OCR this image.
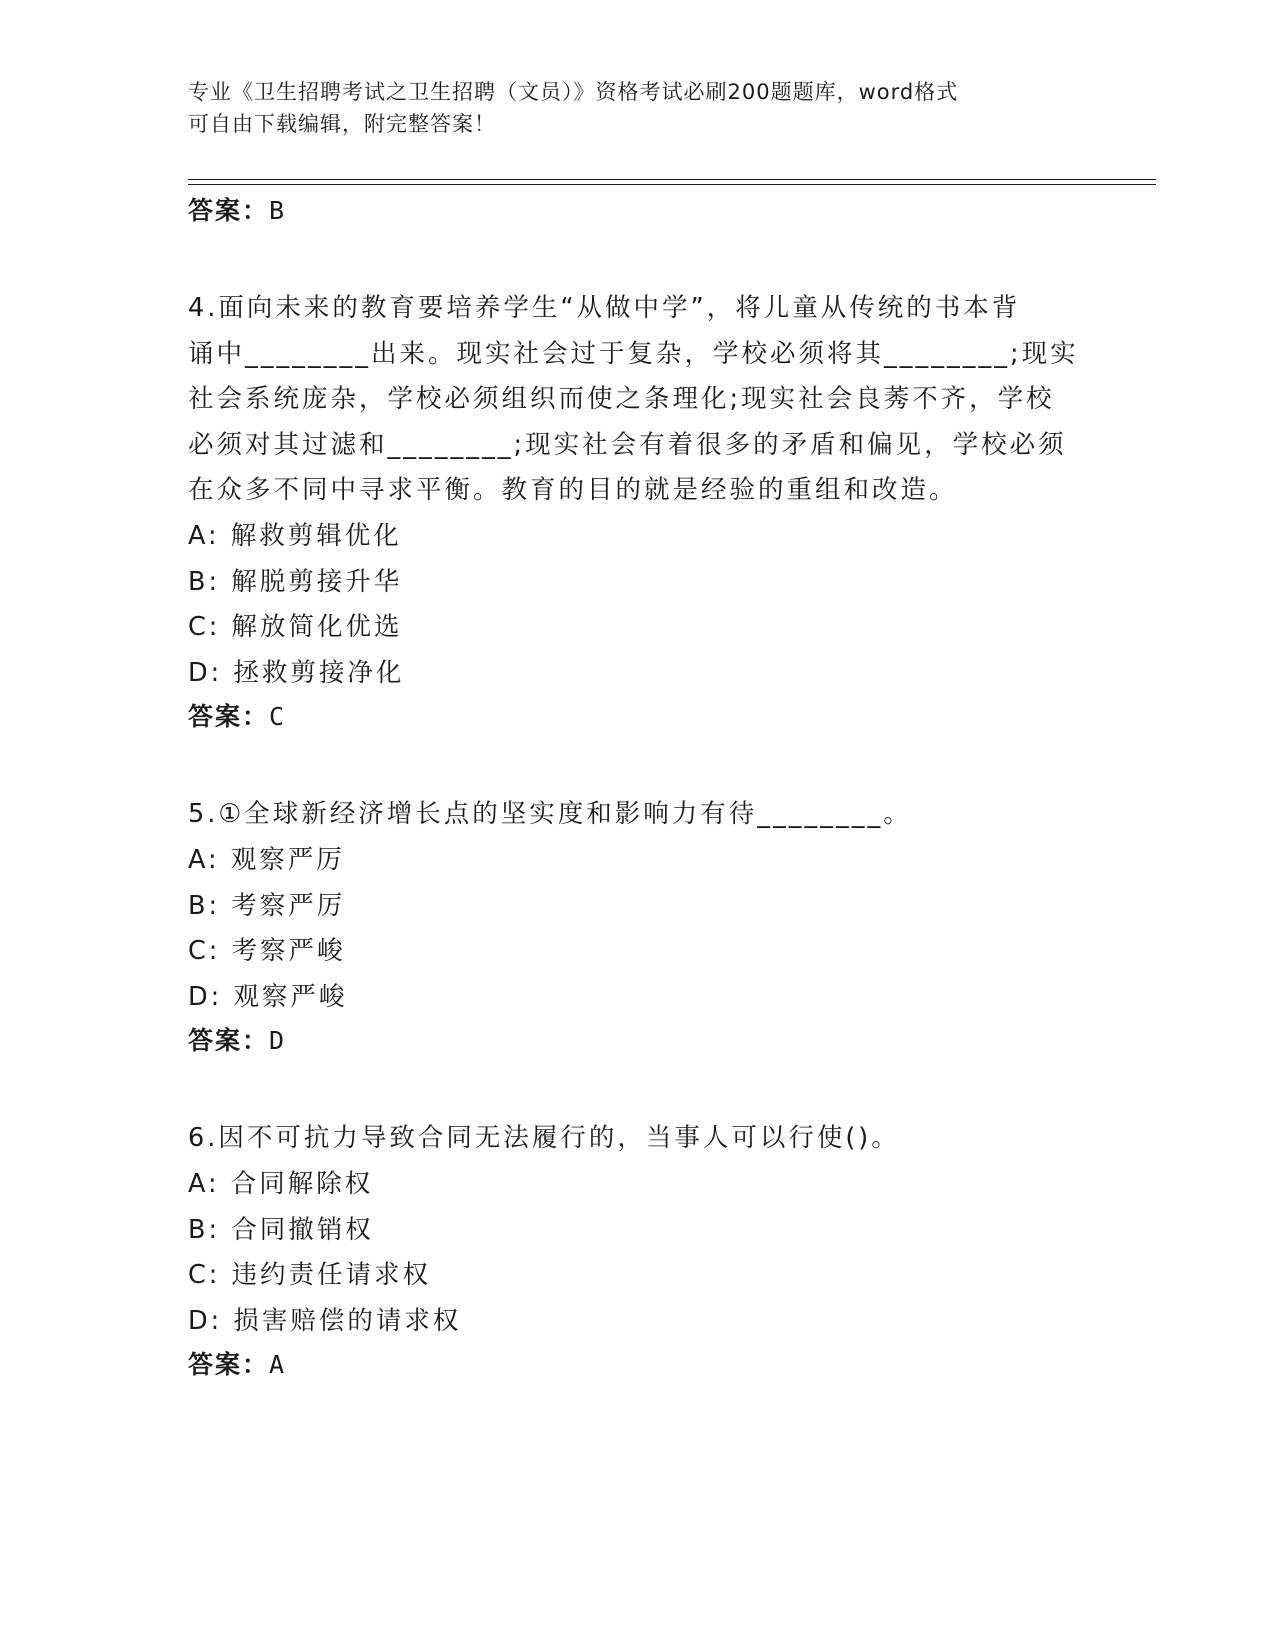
专业《卫生招聘考试之卫生招聘（文员）》资格考试必刷200题题库，word格式
可自由下载编辑，附完整答案！
答案：B
4.面向未来的教育要培养学生“从做中学”，将儿童从传统的书本背
诵中________出来。现实社会过于复杂，学校必须将其________;现实
社会系统庞杂，学校必须组织而使之条理化;现实社会良莠不齐，学校
必须对其过滤和________;现实社会有着很多的矛盾和偏见，学校必须
在众多不同中寻求平衡。教育的目的就是经验的重组和改造。
A: 解救剪辑优化
B: 解脱剪接升华
C: 解放简化优选
D: 拯救剪接净化
答案：C
5.①全球新经济增长点的坚实度和影响力有待________。
A: 观察严厉
B: 考察严厉
C: 考察严峻
D: 观察严峻
答案：D
6.因不可抗力导致合同无法履行的，当事人可以行使()。
A: 合同解除权
B: 合同撤销权
C: 违约责任请求权
D: 损害赔偿的请求权
答案：A
